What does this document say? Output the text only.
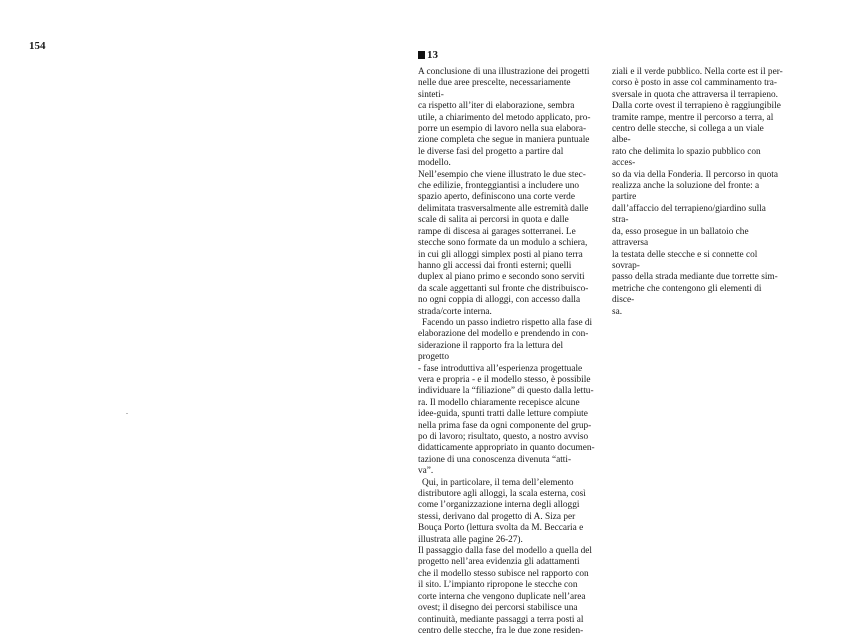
154
13

A conclusione di una illustrazione dei progetti
nelle due aree prescelte, necessariamente sinteti-
ca rispetto all’iter di elaborazione, sembra
utile, a chiarimento del metodo applicato, pro-
porre un esempio di lavoro nella sua elabora-
zione completa che segue in maniera puntuale
le diverse fasi del progetto a partire dal modello.

Nell’esempio che viene illustrato le due stec-
che edilizie, fronteggiantisi a includere uno
spazio aperto, definiscono una corte verde
delimitata trasversalmente alle estremità dalle
scale di salita ai percorsi in quota e dalle
rampe di discesa ai garages sotterranei. Le
stecche sono formate da un modulo a schiera,
in cui gli alloggi simplex posti al piano terra
hanno gli accessi dai fronti esterni; quelli
duplex al piano primo e secondo sono serviti
da scale aggettanti sul fronte che distribuisco-
no ogni coppia di alloggi, con accesso dalla
strada/corte interna.

Facendo un passo indietro rispetto alla fase di
elaborazione del modello e prendendo in con-
siderazione il rapporto fra la lettura del progetto
- fase introduttiva all’esperienza progettuale
vera e propria - e il modello stesso, è possibile
individuare la “filiazione” di questo dalla lettu-
ra. Il modello chiaramente recepisce alcune
idee-guida, spunti tratti dalle letture compiute
nella prima fase da ogni componente del grup-
po di lavoro; risultato, questo, a nostro avviso
didatticamente appropriato in quanto documen-
tazione di una conoscenza divenuta “atti-
va”.

Qui, in particolare, il tema dell’elemento
distributore agli alloggi, la scala esterna, così
come l’organizzazione interna degli alloggi
stessi, derivano dal progetto di A. Siza per
Bouça Porto (lettura svolta da M. Beccaria e
illustrata alle pagine 26-27).

Il passaggio dalla fase del modello a quella del
progetto nell’area evidenzia gli adattamenti
che il modello stesso subisce nel rapporto con
il sito. L’impianto ripropone le stecche con
corte interna che vengono duplicate nell’area
ovest; il disegno dei percorsi stabilisce una
continuità, mediante passaggi a terra posti al
centro delle stecche, fra le due zone residen-

ziali e il verde pubblico. Nella corte est il per-
corso è posto in asse col camminamento tra-
sversale in quota che attraversa il terrapieno.
Dalla corte ovest il terrapieno è raggiungibile
tramite rampe, mentre il percorso a terra, al
centro delle stecche, si collega a un viale albe-
rato che delimita lo spazio pubblico con acces-
so da via della Fonderia. Il percorso in quota
realizza anche la soluzione del fronte: a partire
dall’affaccio del terrapieno/giardino sulla stra-
da, esso prosegue in un ballatoio che attraversa
la testata delle stecche e si connette col sovrap-
passo della strada mediante due torrette sim-
metriche che contengono gli elementi di disce-
sa.
